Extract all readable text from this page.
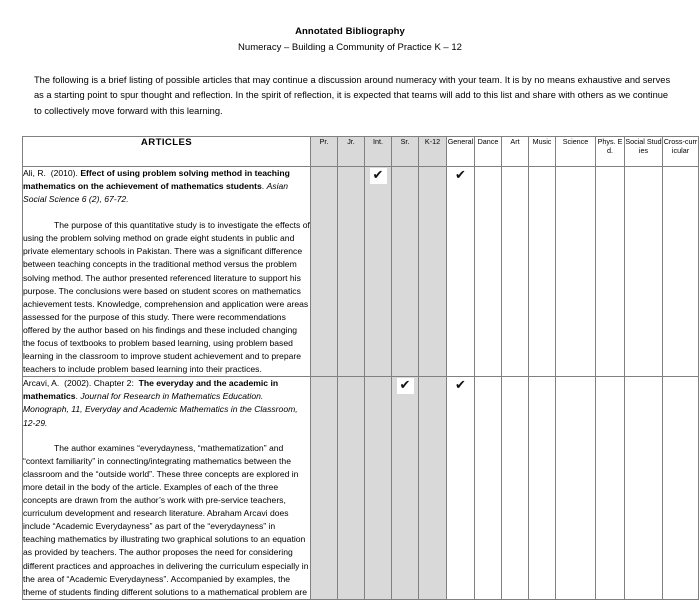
Annotated Bibliography
Numeracy – Building a Community of Practice K – 12
The following is a brief listing of possible articles that may continue a discussion around numeracy with your team. It is by no means exhaustive and serves as a starting point to spur thought and reflection. In the spirit of reflection, it is expected that teams will add to this list and share with others as we continue to collectively move forward with this learning.
ARTICLES	Pr.	Jr.	Int.	Sr.	K-12	General	Dance	Art	Music	Science	Phys. Ed.	Social Studies	Cross-curricular

Ali, R. (2010). Effect of using problem solving method in teaching mathematics on the achievement of mathematics students. Asian Social Science 6 (2), 67-72.
The purpose of this quantitative study is to investigate the effects of using the problem solving method on grade eight students in public and private elementary schools in Pakistan. There was a significant difference between teaching concepts in the traditional method versus the problem solving method. The author presented referenced literature to support his purpose. The conclusions were based on student scores on mathematics achievement tests. Knowledge, comprehension and application were areas assessed for the purpose of this study. There were recommendations offered by the author based on his findings and these included changing the focus of textbooks to problem based learning, using problem based learning in the classroom to improve student achievement and to prepare teachers to include problem based learning into their practices.			✔			✔							

Arcavi, A. (2002). Chapter 2: The everyday and the academic in mathematics. Journal for Research in Mathematics Education. Monograph, 11, Everyday and Academic Mathematics in the Classroom, 12-29.
The author examines “everydayness, “mathematization” and “context familiarity” in connecting/integrating mathematics between the classroom and the “outside world”. These three concepts are explored in more detail in the body of the article. Examples of each of the three concepts are drawn from the author’s work with pre-service teachers, curriculum development and research literature. Abraham Arcavi does include “Academic Everydayness” as part of the “everydayness” in teaching mathematics by illustrating two graphical solutions to an equation as provided by teachers. The author proposes the need for considering different practices and approaches in delivering the curriculum especially in the area of “Academic Everydayness”. Accompanied by examples, the theme of students finding different solutions to a mathematical problem are				✔		✔							
